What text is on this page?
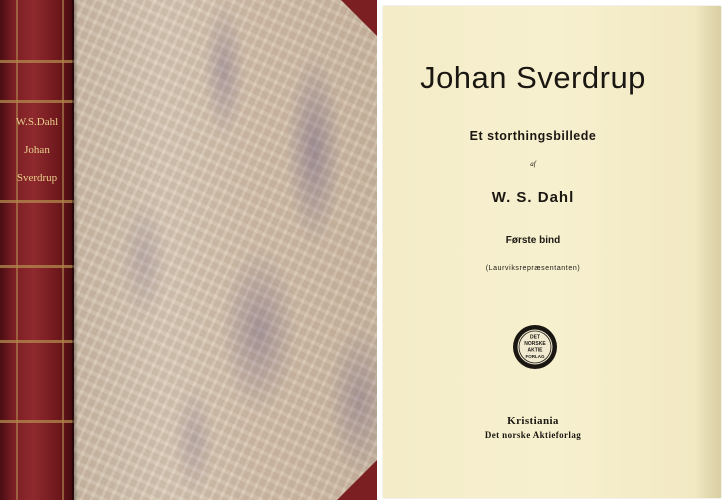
W.S.Dahl
Johan
Sverdrup
Johan Sverdrup
Et storthingsbillede
af
W. S. Dahl
Første bind
(Laurviksrepræsentanten)
DET
NORSKE
AKTIE
FORLAG
Kristiania
Det norske Aktieforlag
